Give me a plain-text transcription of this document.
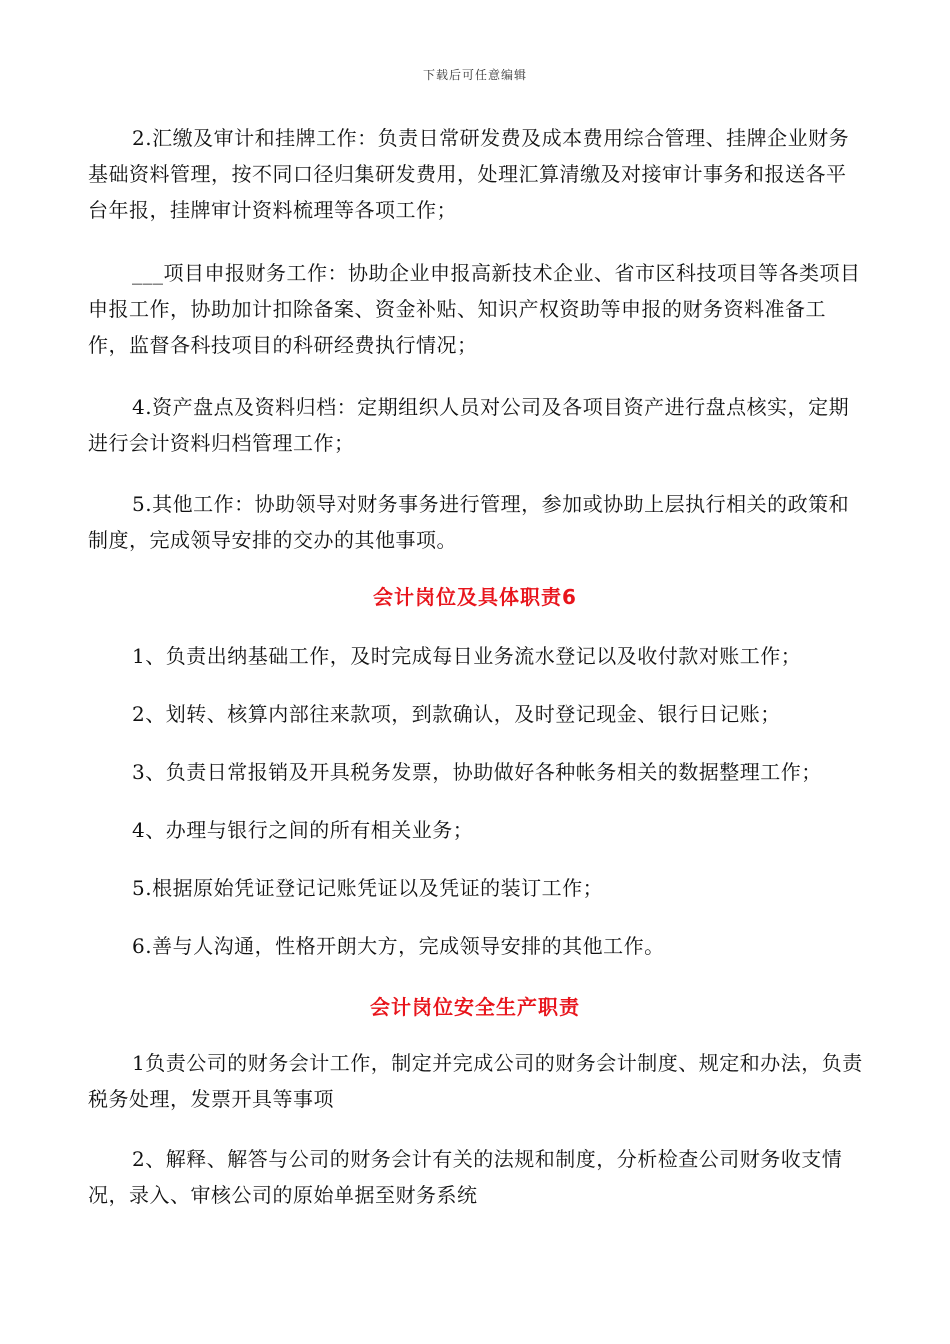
下载后可任意编辑

2.汇缴及审计和挂牌工作：负责日常研发费及成本费用综合管理、挂牌企业财务基础资料管理，按不同口径归集研发费用，处理汇算清缴及对接审计事务和报送各平台年报，挂牌审计资料梳理等各项工作；

___项目申报财务工作：协助企业申报高新技术企业、省市区科技项目等各类项目申报工作，协助加计扣除备案、资金补贴、知识产权资助等申报的财务资料准备工作，监督各科技项目的科研经费执行情况；

4.资产盘点及资料归档：定期组织人员对公司及各项目资产进行盘点核实，定期进行会计资料归档管理工作；

5.其他工作：协助领导对财务事务进行管理，参加或协助上层执行相关的政策和制度，完成领导安排的交办的其他事项。

会计岗位及具体职责6

1、负责出纳基础工作，及时完成每日业务流水登记以及收付款对账工作；

2、划转、核算内部往来款项，到款确认，及时登记现金、银行日记账；

3、负责日常报销及开具税务发票，协助做好各种帐务相关的数据整理工作；

4、办理与银行之间的所有相关业务；

5.根据原始凭证登记记账凭证以及凭证的装订工作；

6.善与人沟通，性格开朗大方，完成领导安排的其他工作。

会计岗位安全生产职责

1负责公司的财务会计工作，制定并完成公司的财务会计制度、规定和办法，负责税务处理，发票开具等事项

2、解释、解答与公司的财务会计有关的法规和制度，分析检查公司财务收支情况，录入、审核公司的原始单据至财务系统
